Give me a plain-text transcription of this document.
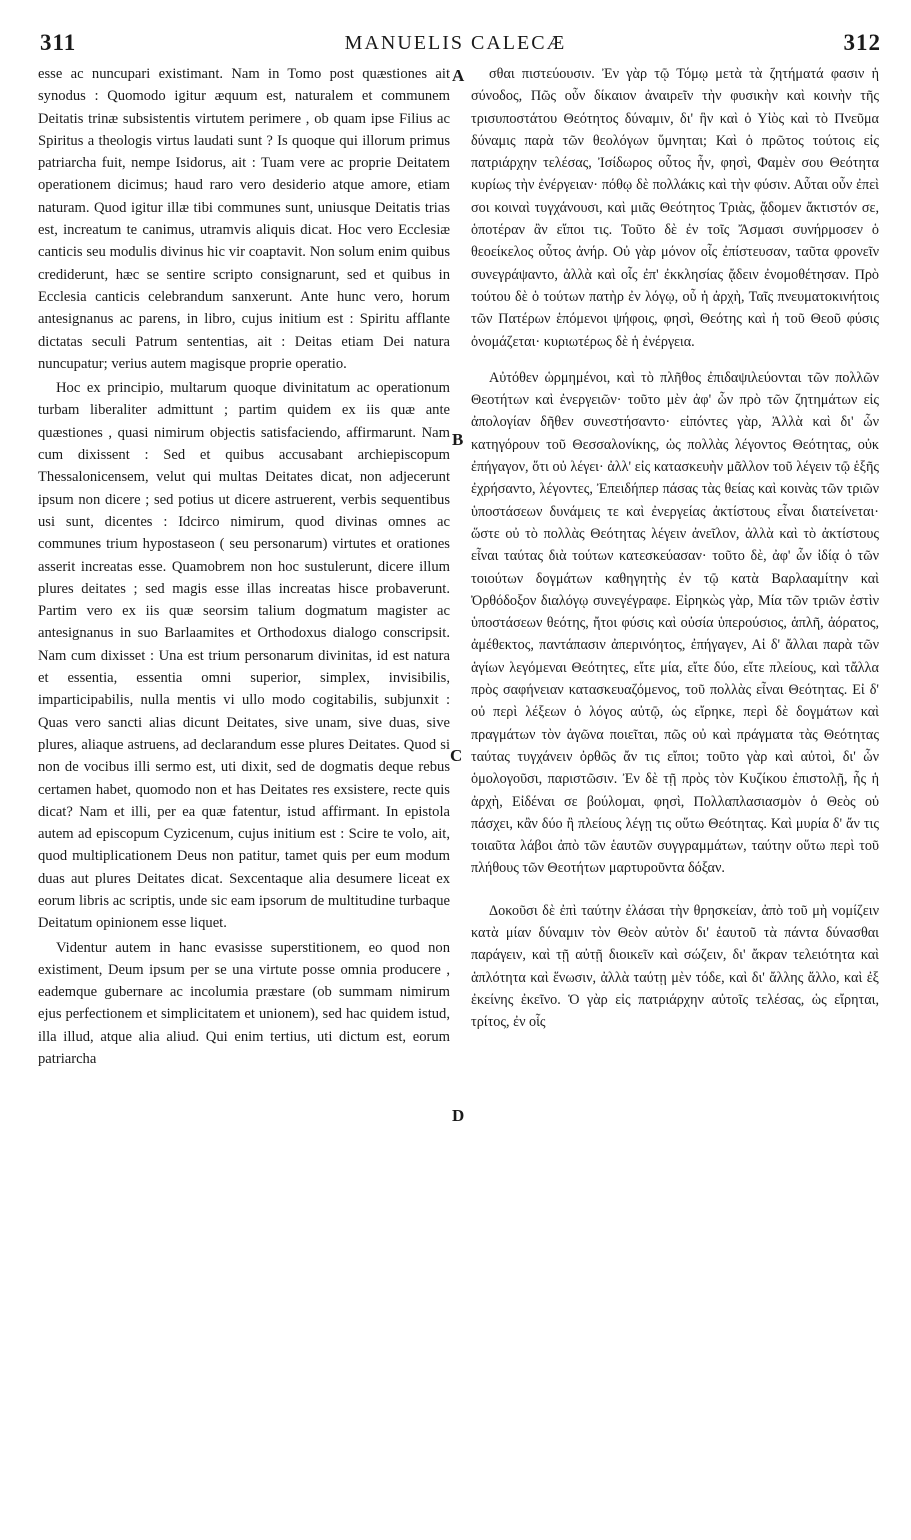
311	MANUELIS CALECÆ	312

esse ac nuncupari existimant. Nam in Tomo post quæstiones ait synodus : Quomodo igitur æquum est, naturalem et communem Deitatis trinæ subsistentis virtutem perimere , ob quam ipse Filius ac Spiritus a theologis virtus laudati sunt ? Is quoque qui illorum primus patriarcha fuit, nempe Isidorus, ait : Tuam vere ac proprie Deitatem operationem dicimus; haud raro vero desiderio atque amore, etiam naturam. Quod igitur illæ tibi communes sunt, uniusque Deitatis trias est, increatum te canimus, utramvis aliquis dicat. Hoc vero Ecclesiæ canticis seu modulis divinus hic vir coaptavit. Non solum enim quibus crediderunt, hæc se sentire scripto consignarunt, sed et quibus in Ecclesia canticis celebrandum sanxerunt. Ante hunc vero, horum antesignanus ac parens, in libro, cujus initium est : Spiritu afflante dictatas seculi Patrum sententias, ait : Deitas etiam Dei natura nuncupatur; verius autem magisque proprie operatio.

Hoc ex principio, multarum quoque divinitatum ac operationum turbam liberaliter admittunt ; partim quidem ex iis quæ ante quæstiones , quasi nimirum objectis satisfaciendo, affirmarunt. Nam cum dixissent : Sed et quibus accusabant archiepiscopum Thessalonicensem, velut qui multas Deitates dicat, non adjecerunt ipsum non dicere ; sed potius ut dicere astruerent, verbis sequentibus usi sunt, dicentes : Idcirco nimirum, quod divinas omnes ac communes trium hypostaseon ( seu personarum) virtutes et orationes asserit increatas esse. Quamobrem non hoc sustulerunt, dicere illum plures deitates ; sed magis esse illas increatas hisce probaverunt. Partim vero ex iis quæ seorsim talium dogmatum magister ac antesignanus in suo Barlaamites et Orthodoxus dialogo conscripsit. Nam cum dixisset : Una est trium personarum divinitas, id est natura et essentia, essentia omni superior, simplex, invisibilis, imparticipabilis, nulla mentis vi ullo modo cogitabilis, subjunxit : Quas vero sancti alias dicunt Deitates, sive unam, sive duas, sive plures, aliaque astruens, ad declarandum esse plures Deitates. Quod si non de vocibus illi sermo est, uti dixit, sed de dogmatis deque rebus certamen habet, quomodo non et has Deitates res exsistere, recte quis dicat? Nam et illi, per ea quæ fatentur, istud affirmant. In epistola autem ad episcopum Cyzicenum, cujus initium est : Scire te volo, ait, quod multiplicationem Deus non patitur, tamet quis per eum modum duas aut plures Deitates dicat. Sexcentaque alia desumere liceat ex eorum libris ac scriptis, unde sic eam ipsorum de multitudine turbaque Deitatum opinionem esse liquet.

Videntur autem in hanc evasisse superstitionem, eo quod non existiment, Deum ipsum per se una virtute posse omnia producere , eademque gubernare ac incolumia præstare (ob summam nimirum ejus perfectionem et simplicitatem et unionem), sed hac quidem istud, illa illud, atque alia aliud. Qui enim tertius, uti dictum est, eorum patriarcha

σθαι πιστεύουσιν. Ἐν γὰρ τῷ Τόμῳ μετὰ τὰ ζητήματά φασιν ἡ σύνοδος, Πῶς οὖν δίκαιον ἀναιρεῖν τὴν φυσικὴν καὶ κοινὴν τῆς τρισυποστάτου Θεότητος δύναμιν, δι' ἣν καὶ ὁ Υἱὸς καὶ τὸ Πνεῦμα δύναμις παρὰ τῶν θεολόγων ὕμνηται; Καὶ ὁ πρῶτος τούτοις εἰς πατριάρχην τελέσας, Ἰσίδωρος οὗτος ἦν, φησὶ, Φαμὲν σου Θεότητα κυρίως τὴν ἐνέργειαν· πόθῳ δὲ πολλάκις καὶ τὴν φύσιν. Αὗται οὖν ἐπεὶ σοι κοιναὶ τυγχάνουσι, καὶ μιᾶς Θεότητος Τριὰς, ᾄδομεν ἄκτιστόν σε, ὁποτέραν ἂν εἴποι τις. Τοῦτο δὲ ἐν τοῖς Ἄσμασι συνήρμοσεν ὁ θεοείκελος οὗτος ἀνήρ. Οὐ γὰρ μόνον οἷς ἐπίστευσαν, ταῦτα φρονεῖν συνεγράψαντο, ἀλλὰ καὶ οἷς ἐπ' ἐκκλησίας ᾄδειν ἐνομοθέτησαν. Πρὸ τούτου δὲ ὁ τούτων πατὴρ ἐν λόγῳ, οὗ ἡ ἀρχὴ, Ταῖς πνευματοκινήτοις τῶν Πατέρων ἑπόμενοι ψήφοις, φησὶ, Θεότης καὶ ἡ τοῦ Θεοῦ φύσις ὀνομάζεται· κυριωτέρως δὲ ἡ ἐνέργεια.

Αὐτόθεν ὡρμημένοι, καὶ τὸ πλῆθος ἐπιδαψιλεύονται τῶν πολλῶν Θεοτήτων καὶ ἐνεργειῶν· τοῦτο μὲν ἀφ' ὧν πρὸ τῶν ζητημάτων εἰς ἀπολογίαν δῆθεν συνεστήσαντο· εἰπόντες γὰρ, Ἀλλὰ καὶ δι' ὧν κατηγόρουν τοῦ Θεσσαλονίκης, ὡς πολλὰς λέγοντος Θεότητας, οὐκ ἐπήγαγον, ὅτι οὐ λέγει· ἀλλ' εἰς κατασκευὴν μᾶλλον τοῦ λέγειν τῷ ἑξῆς ἐχρήσαντο, λέγοντες, Ἐπειδήπερ πάσας τὰς θείας καὶ κοινὰς τῶν τριῶν ὑποστάσεων δυνάμεις τε καὶ ἐνεργείας ἀκτίστους εἶναι διατείνεται· ὥστε οὐ τὸ πολλὰς Θεότητας λέγειν ἀνεῖλον, ἀλλὰ καὶ τὸ ἀκτίστους εἶναι ταύτας διὰ τούτων κατεσκεύασαν· τοῦτο δὲ, ἀφ' ὧν ἰδίᾳ ὁ τῶν τοιούτων δογμάτων καθηγητὴς ἐν τῷ κατὰ Βαρλααμίτην καὶ Ὀρθόδοξον διαλόγῳ συνεγέγραφε. Εἰρηκὼς γὰρ, Μία τῶν τριῶν ἐστὶν ὑποστάσεων θεότης, ἤτοι φύσις καὶ οὐσία ὑπερούσιος, ἁπλῆ, ἀόρατος, ἀμέθεκτος, παντάπασιν ἀπερινόητος, ἐπήγαγεν, Αἱ δ' ἄλλαι παρὰ τῶν ἁγίων λεγόμεναι Θεότητες, εἴτε μία, εἴτε δύο, εἴτε πλείους, καὶ τἄλλα πρὸς σαφήνειαν κατασκευαζόμενος, τοῦ πολλὰς εἶναι Θεότητας. Εἰ δ' οὐ περὶ λέξεων ὁ λόγος αὐτῷ, ὡς εἴρηκε, περὶ δὲ δογμάτων καὶ πραγμάτων τὸν ἀγῶνα ποιεῖται, πῶς οὐ καὶ πράγματα τὰς Θεότητας ταύτας τυγχάνειν ὀρθῶς ἄν τις εἴποι; τοῦτο γὰρ καὶ αὐτοὶ, δι' ὧν ὁμολογοῦσι, παριστῶσιν. Ἐν δὲ τῇ πρὸς τὸν Κυζίκου ἐπιστολῇ, ἧς ἡ ἀρχὴ, Εἰδέναι σε βούλομαι, φησὶ, Πολλαπλασιασμὸν ὁ Θεὸς οὐ πάσχει, κἂν δύο ἢ πλείους λέγῃ τις οὕτω Θεότητας. Καὶ μυρία δ' ἄν τις τοιαῦτα λάβοι ἀπὸ τῶν ἑαυτῶν συγγραμμάτων, ταύτην οὕτω περὶ τοῦ πλήθους τῶν Θεοτήτων μαρτυροῦντα δόξαν.

Δοκοῦσι δὲ ἐπὶ ταύτην ἐλάσαι τὴν θρησκείαν, ἀπὸ τοῦ μὴ νομίζειν κατὰ μίαν δύναμιν τὸν Θεὸν αὐτὸν δι' ἑαυτοῦ τὰ πάντα δύνασθαι παράγειν, καὶ τῇ αὐτῇ διοικεῖν καὶ σώζειν, δι' ἄκραν τελειότητα καὶ ἁπλότητα καὶ ἕνωσιν, ἀλλὰ ταύτῃ μὲν τόδε, καὶ δι' ἄλλης ἄλλο, καὶ ἐξ ἐκείνης ἐκεῖνο. Ὁ γὰρ εἰς πατριάρχην αὐτοῖς τελέσας, ὡς εἴρηται, τρίτος, ἐν οἷς

A
B
C
D
